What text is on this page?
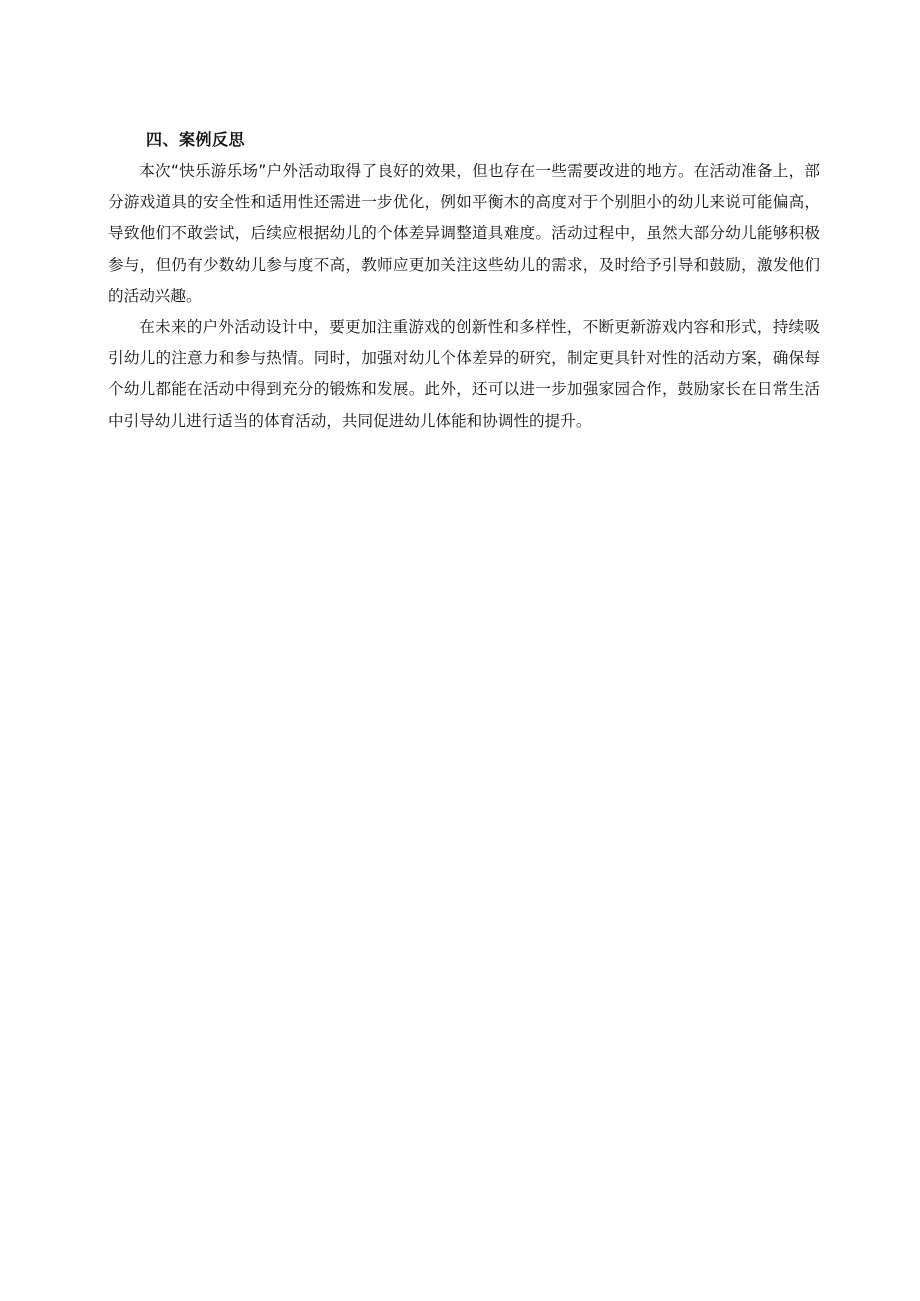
四、案例反思

本次“快乐游乐场”户外活动取得了良好的效果，但也存在一些需要改进的地方。在活动准备上，部分游戏道具的安全性和适用性还需进一步优化，例如平衡木的高度对于个别胆小的幼儿来说可能偏高，导致他们不敢尝试，后续应根据幼儿的个体差异调整道具难度。活动过程中，虽然大部分幼儿能够积极参与，但仍有少数幼儿参与度不高，教师应更加关注这些幼儿的需求，及时给予引导和鼓励，激发他们的活动兴趣。

在未来的户外活动设计中，要更加注重游戏的创新性和多样性，不断更新游戏内容和形式，持续吸引幼儿的注意力和参与热情。同时，加强对幼儿个体差异的研究，制定更具针对性的活动方案，确保每个幼儿都能在活动中得到充分的锻炼和发展。此外，还可以进一步加强家园合作，鼓励家长在日常生活中引导幼儿进行适当的体育活动，共同促进幼儿体能和协调性的提升。
